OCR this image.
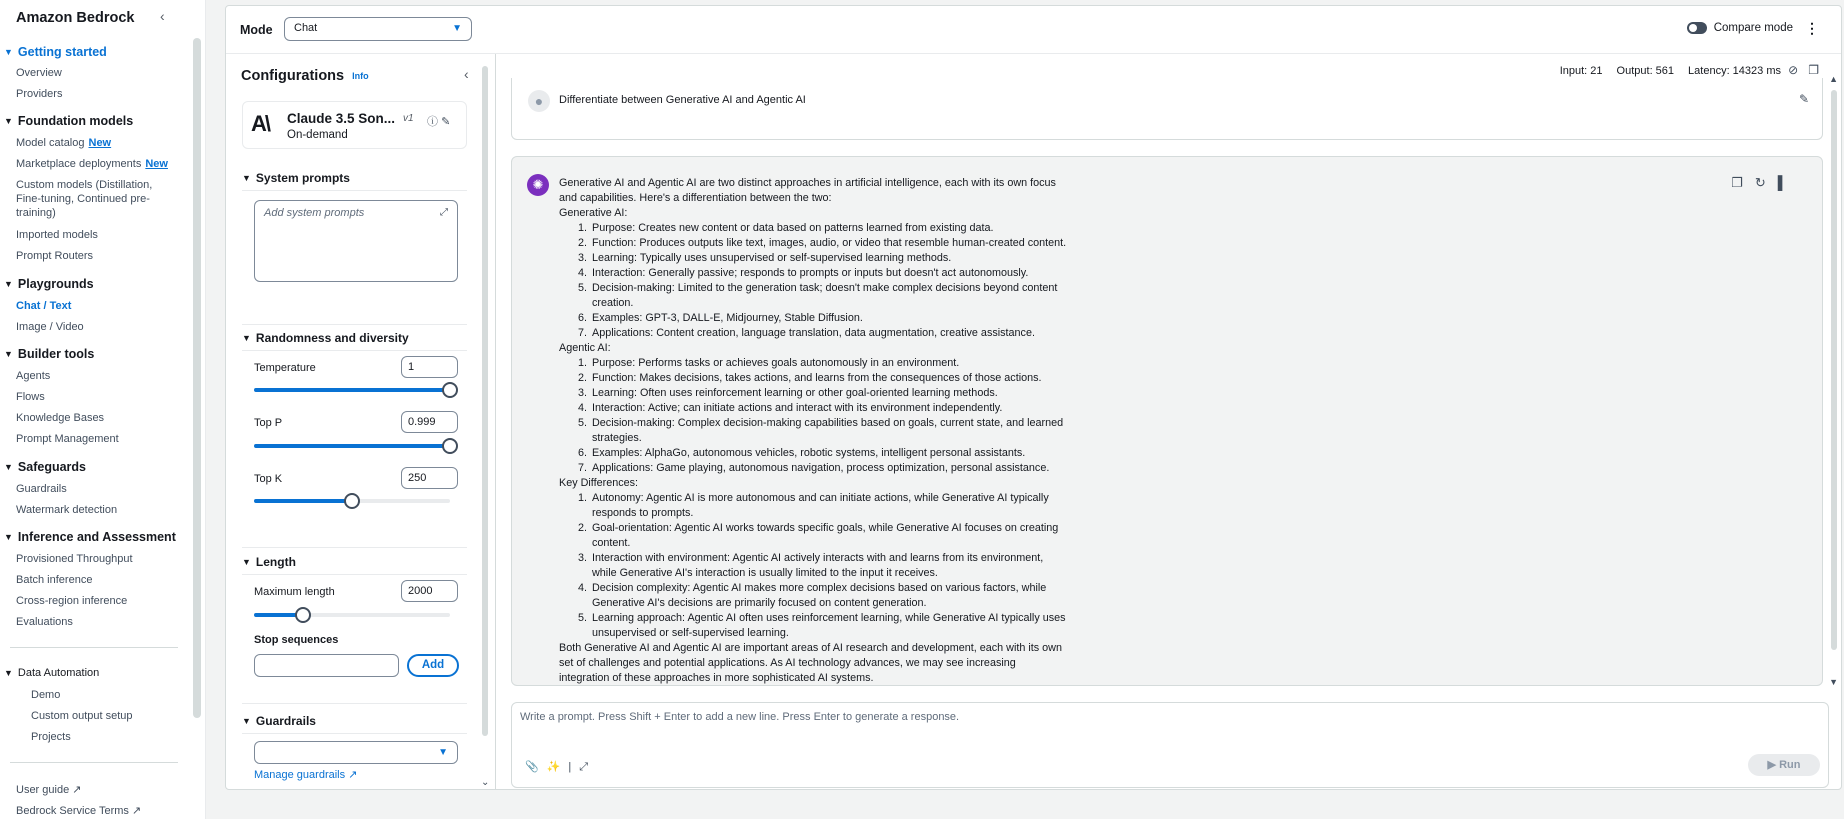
Amazon Bedrock ‹
▼ Getting started
Overview
Providers
▼ Foundation models
Model catalog New
Marketplace deployments New
Custom models (Distillation, Fine-tuning, Continued pre-training)
Imported models
Prompt Routers
▼ Playgrounds
Chat / Text
Image / Video
▼ Builder tools
Agents
Flows
Knowledge Bases
Prompt Management
▼ Safeguards
Guardrails
Watermark detection
▼ Inference and Assessment
Provisioned Throughput
Batch inference
Cross-region inference
Evaluations
▼ Data Automation
Demo
Custom output setup
Projects
User guide ↗
Bedrock Service Terms ↗
Mode	Chat	▼	Compare mode ⋮
Configurations Info	‹
A\ Claude 3.5 Son... v1
On-demand
ⓘ ✎
▼ System prompts
Add system prompts	⤢
▼ Randomness and diversity
Temperature	1
Top P	0.999
Top K	250
▼ Length
Maximum length	2000
Stop sequences
Add
▼ Guardrails
▼
Manage guardrails ↗
⌄
Input: 21 Output: 561 Latency: 14323 ms ⊘❐
●	Differentiate between Generative AI and Agentic AI	✎
✺	Generative AI and Agentic AI are two distinct approaches in artificial intelligence, each with its own focus and capabilities. Here's a differentiation between the two:
Generative AI:
1. Purpose: Creates new content or data based on patterns learned from existing data.
2. Function: Produces outputs like text, images, audio, or video that resemble human-created content.
3. Learning: Typically uses unsupervised or self-supervised learning methods.
4. Interaction: Generally passive; responds to prompts or inputs but doesn't act autonomously.
5. Decision-making: Limited to the generation task; doesn't make complex decisions beyond content creation.
6. Examples: GPT-3, DALL-E, Midjourney, Stable Diffusion.
7. Applications: Content creation, language translation, data augmentation, creative assistance.
Agentic AI:
1. Purpose: Performs tasks or achieves goals autonomously in an environment.
2. Function: Makes decisions, takes actions, and learns from the consequences of those actions.
3. Learning: Often uses reinforcement learning or other goal-oriented learning methods.
4. Interaction: Active; can initiate actions and interact with its environment independently.
5. Decision-making: Complex decision-making capabilities based on goals, current state, and learned strategies.
6. Examples: AlphaGo, autonomous vehicles, robotic systems, intelligent personal assistants.
7. Applications: Game playing, autonomous navigation, process optimization, personal assistance.
Key Differences:
1. Autonomy: Agentic AI is more autonomous and can initiate actions, while Generative AI typically responds to prompts.
2. Goal-orientation: Agentic AI works towards specific goals, while Generative AI focuses on creating content.
3. Interaction with environment: Agentic AI actively interacts with and learns from its environment, while Generative AI's interaction is usually limited to the input it receives.
4. Decision complexity: Agentic AI makes more complex decisions based on various factors, while Generative AI's decisions are primarily focused on content generation.
5. Learning approach: Agentic AI often uses reinforcement learning, while Generative AI typically uses unsupervised or self-supervised learning.
Both Generative AI and Agentic AI are important areas of AI research and development, each with its own set of challenges and potential applications. As AI technology advances, we may see increasing integration of these approaches in more sophisticated AI systems.
❐↻▌
▲
▼
Write a prompt. Press Shift + Enter to add a new line. Press Enter to generate a response.
📎✨|⤢	▶ Run
